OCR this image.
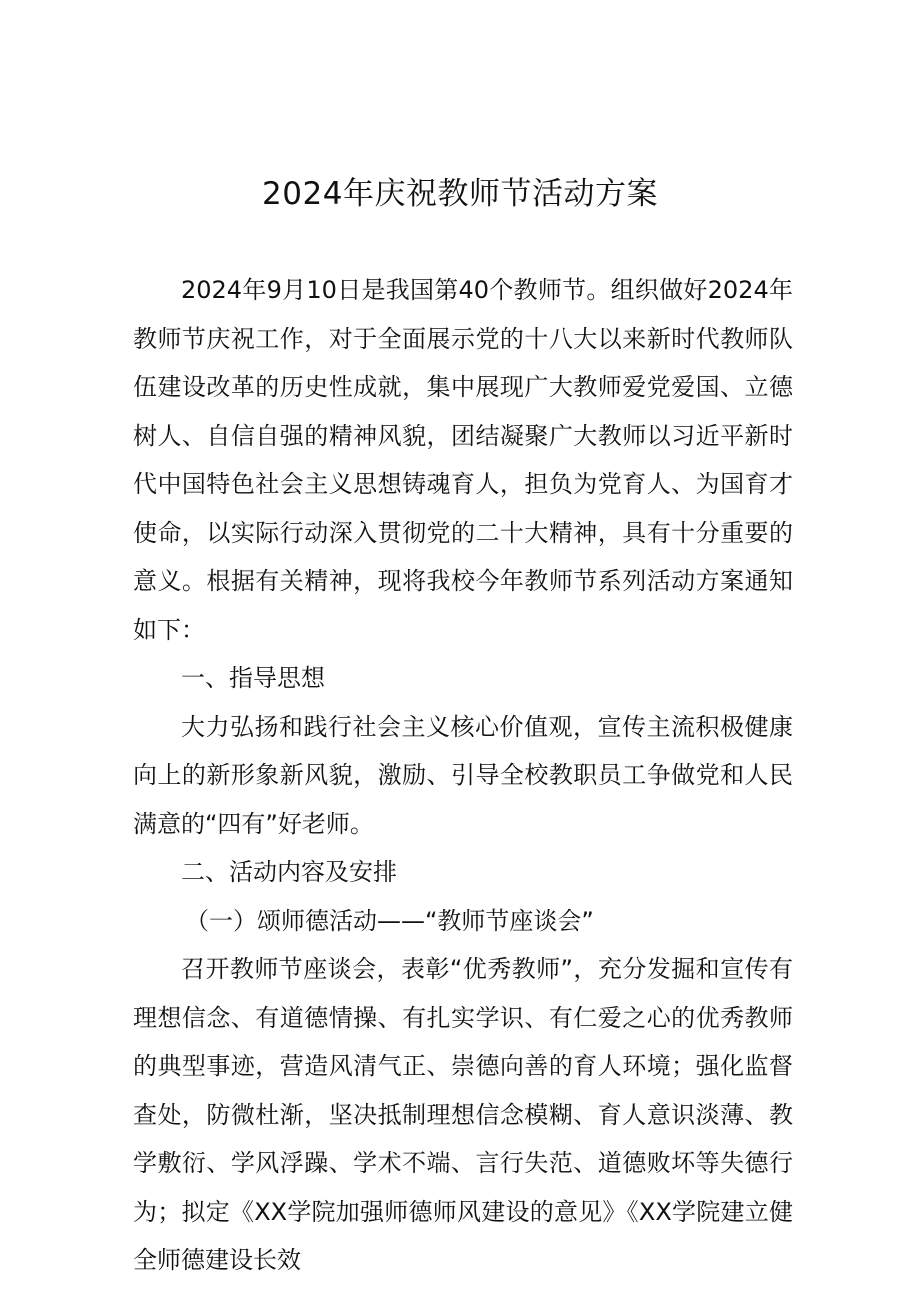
2024年庆祝教师节活动方案

2024年9月10日是我国第40个教师节。组织做好2024年教师节庆祝工作，对于全面展示党的十八大以来新时代教师队伍建设改革的历史性成就，集中展现广大教师爱党爱国、立德树人、自信自强的精神风貌，团结凝聚广大教师以习近平新时代中国特色社会主义思想铸魂育人，担负为党育人、为国育才使命，以实际行动深入贯彻党的二十大精神，具有十分重要的意义。根据有关精神，现将我校今年教师节系列活动方案通知如下：

一、指导思想

大力弘扬和践行社会主义核心价值观，宣传主流积极健康向上的新形象新风貌，激励、引导全校教职员工争做党和人民满意的“四有”好老师。

二、活动内容及安排

（一）颂师德活动——“教师节座谈会”

召开教师节座谈会，表彰“优秀教师”，充分发掘和宣传有理想信念、有道德情操、有扎实学识、有仁爱之心的优秀教师的典型事迹，营造风清气正、崇德向善的育人环境；强化监督查处，防微杜渐，坚决抵制理想信念模糊、育人意识淡薄、教学敷衍、学风浮躁、学术不端、言行失范、道德败坏等失德行为；拟定《XX学院加强师德师风建设的意见》《XX学院建立健全师德建设长效
